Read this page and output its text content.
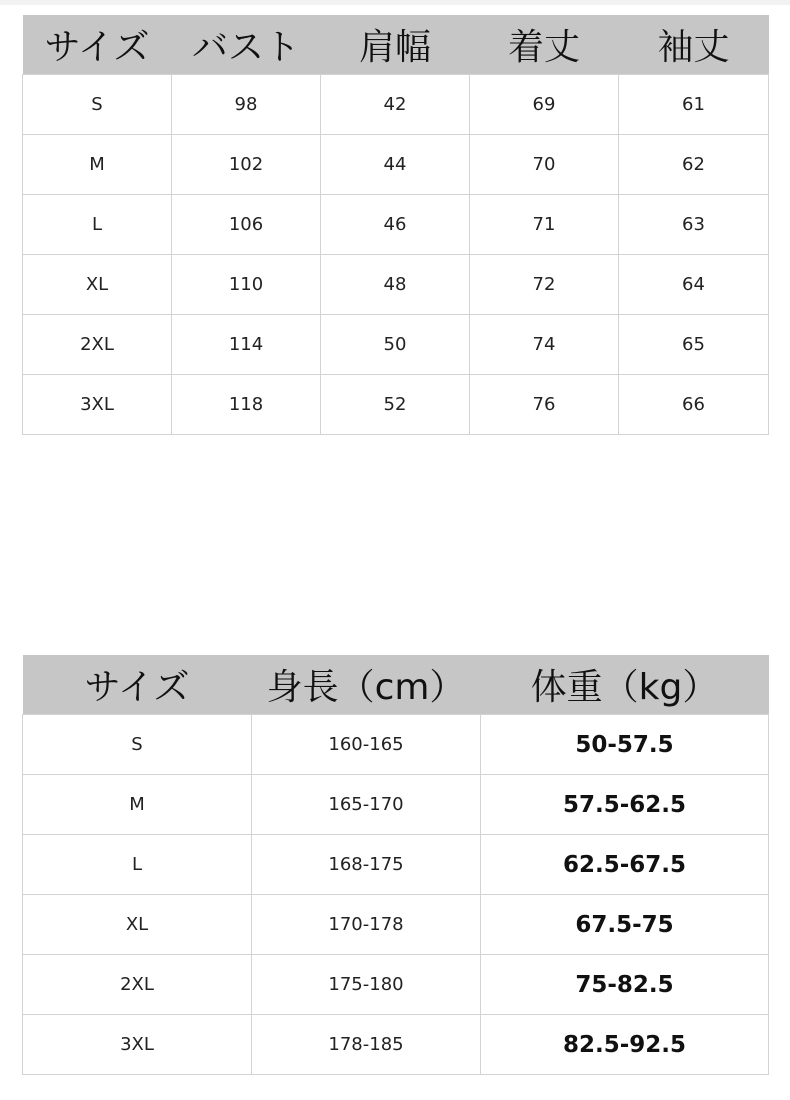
サイズ	バスト	肩幅	着丈	袖丈
S	98	42	69	61
M	102	44	70	62
L	106	46	71	63
XL	110	48	72	64
2XL	114	50	74	65
3XL	118	52	76	66
サイズ	身長（cm）	体重（kg）
S	160-165	50-57.5
M	165-170	57.5-62.5
L	168-175	62.5-67.5
XL	170-178	67.5-75
2XL	175-180	75-82.5
3XL	178-185	82.5-92.5
